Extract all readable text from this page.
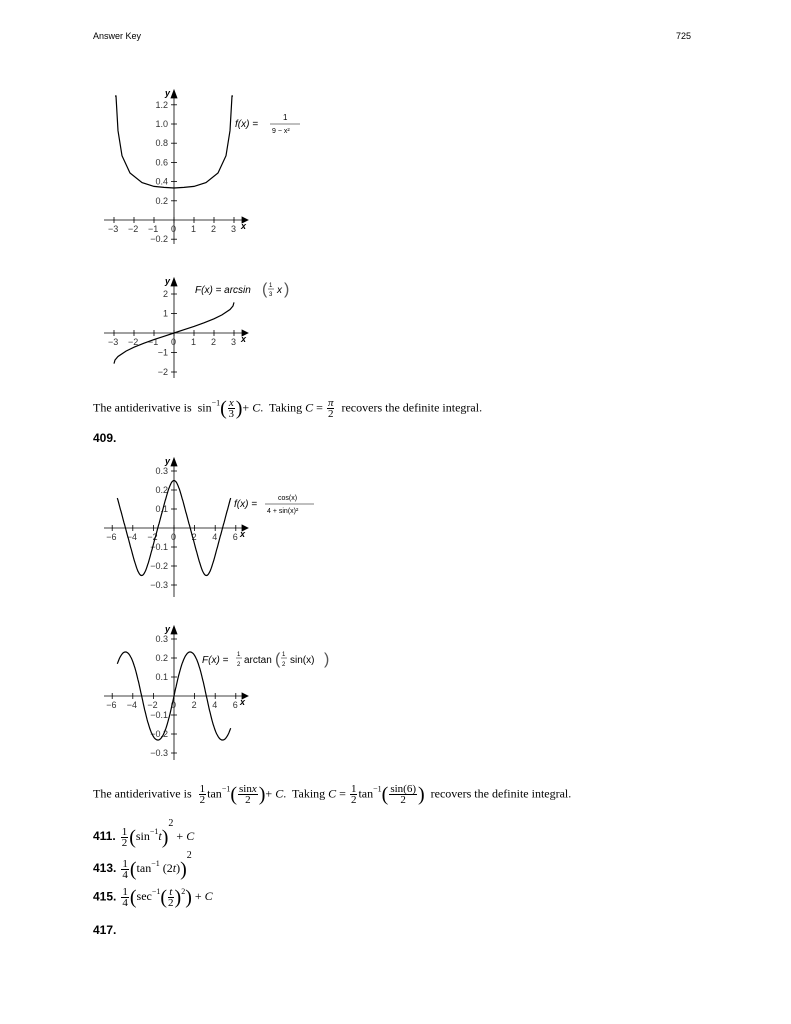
Answer Key	725
−3 −2 −1 0 1 2 3
1.2
1.0
0.8
0.6
0.4
0.2
−0.2
x
y
f(x) =
1
9 − x²
−3 −2 −1 0 1 2 3
2
1
−1
−2
x
y
F(x) = arcsin ( 1
3 x )
The antiderivative is  $\sin^{-1}( \frac{x}{3}$ )+ C.  Taking $C = \frac{\pi}{2}$ recovers the definite integral.
409.
−6 −4 −2 0 2 4 6
0.3
0.2
0.1
−0.1
−0.2
−0.3
x
y
f(x) =
cos(x)
4 + sin(x)²
−6 −4 −2 0 2 4 6
0.3
0.2
0.1
−0.1
−0.2
−0.3
x
y
F(x) = 1
2 arctan ( 1
2 sin(x) )
The antiderivative is $\frac{1}{2} \tan^{-1}( \frac{\sin x}{2}$ )+ C.  Taking $C = \frac{1}{2} \tan^{-1}( \frac{\sin(6)}{2}$ ) recovers the definite integral.
411. $\frac{1}{2} (\sin^{-1}t)^2 + C$
413. $\frac{1}{4} (\tan^{-1}$ (2t))$^2$
415. $\frac{1}{4} (\sec^{-1}( \frac{t}{2} )^2) + C$
417.
